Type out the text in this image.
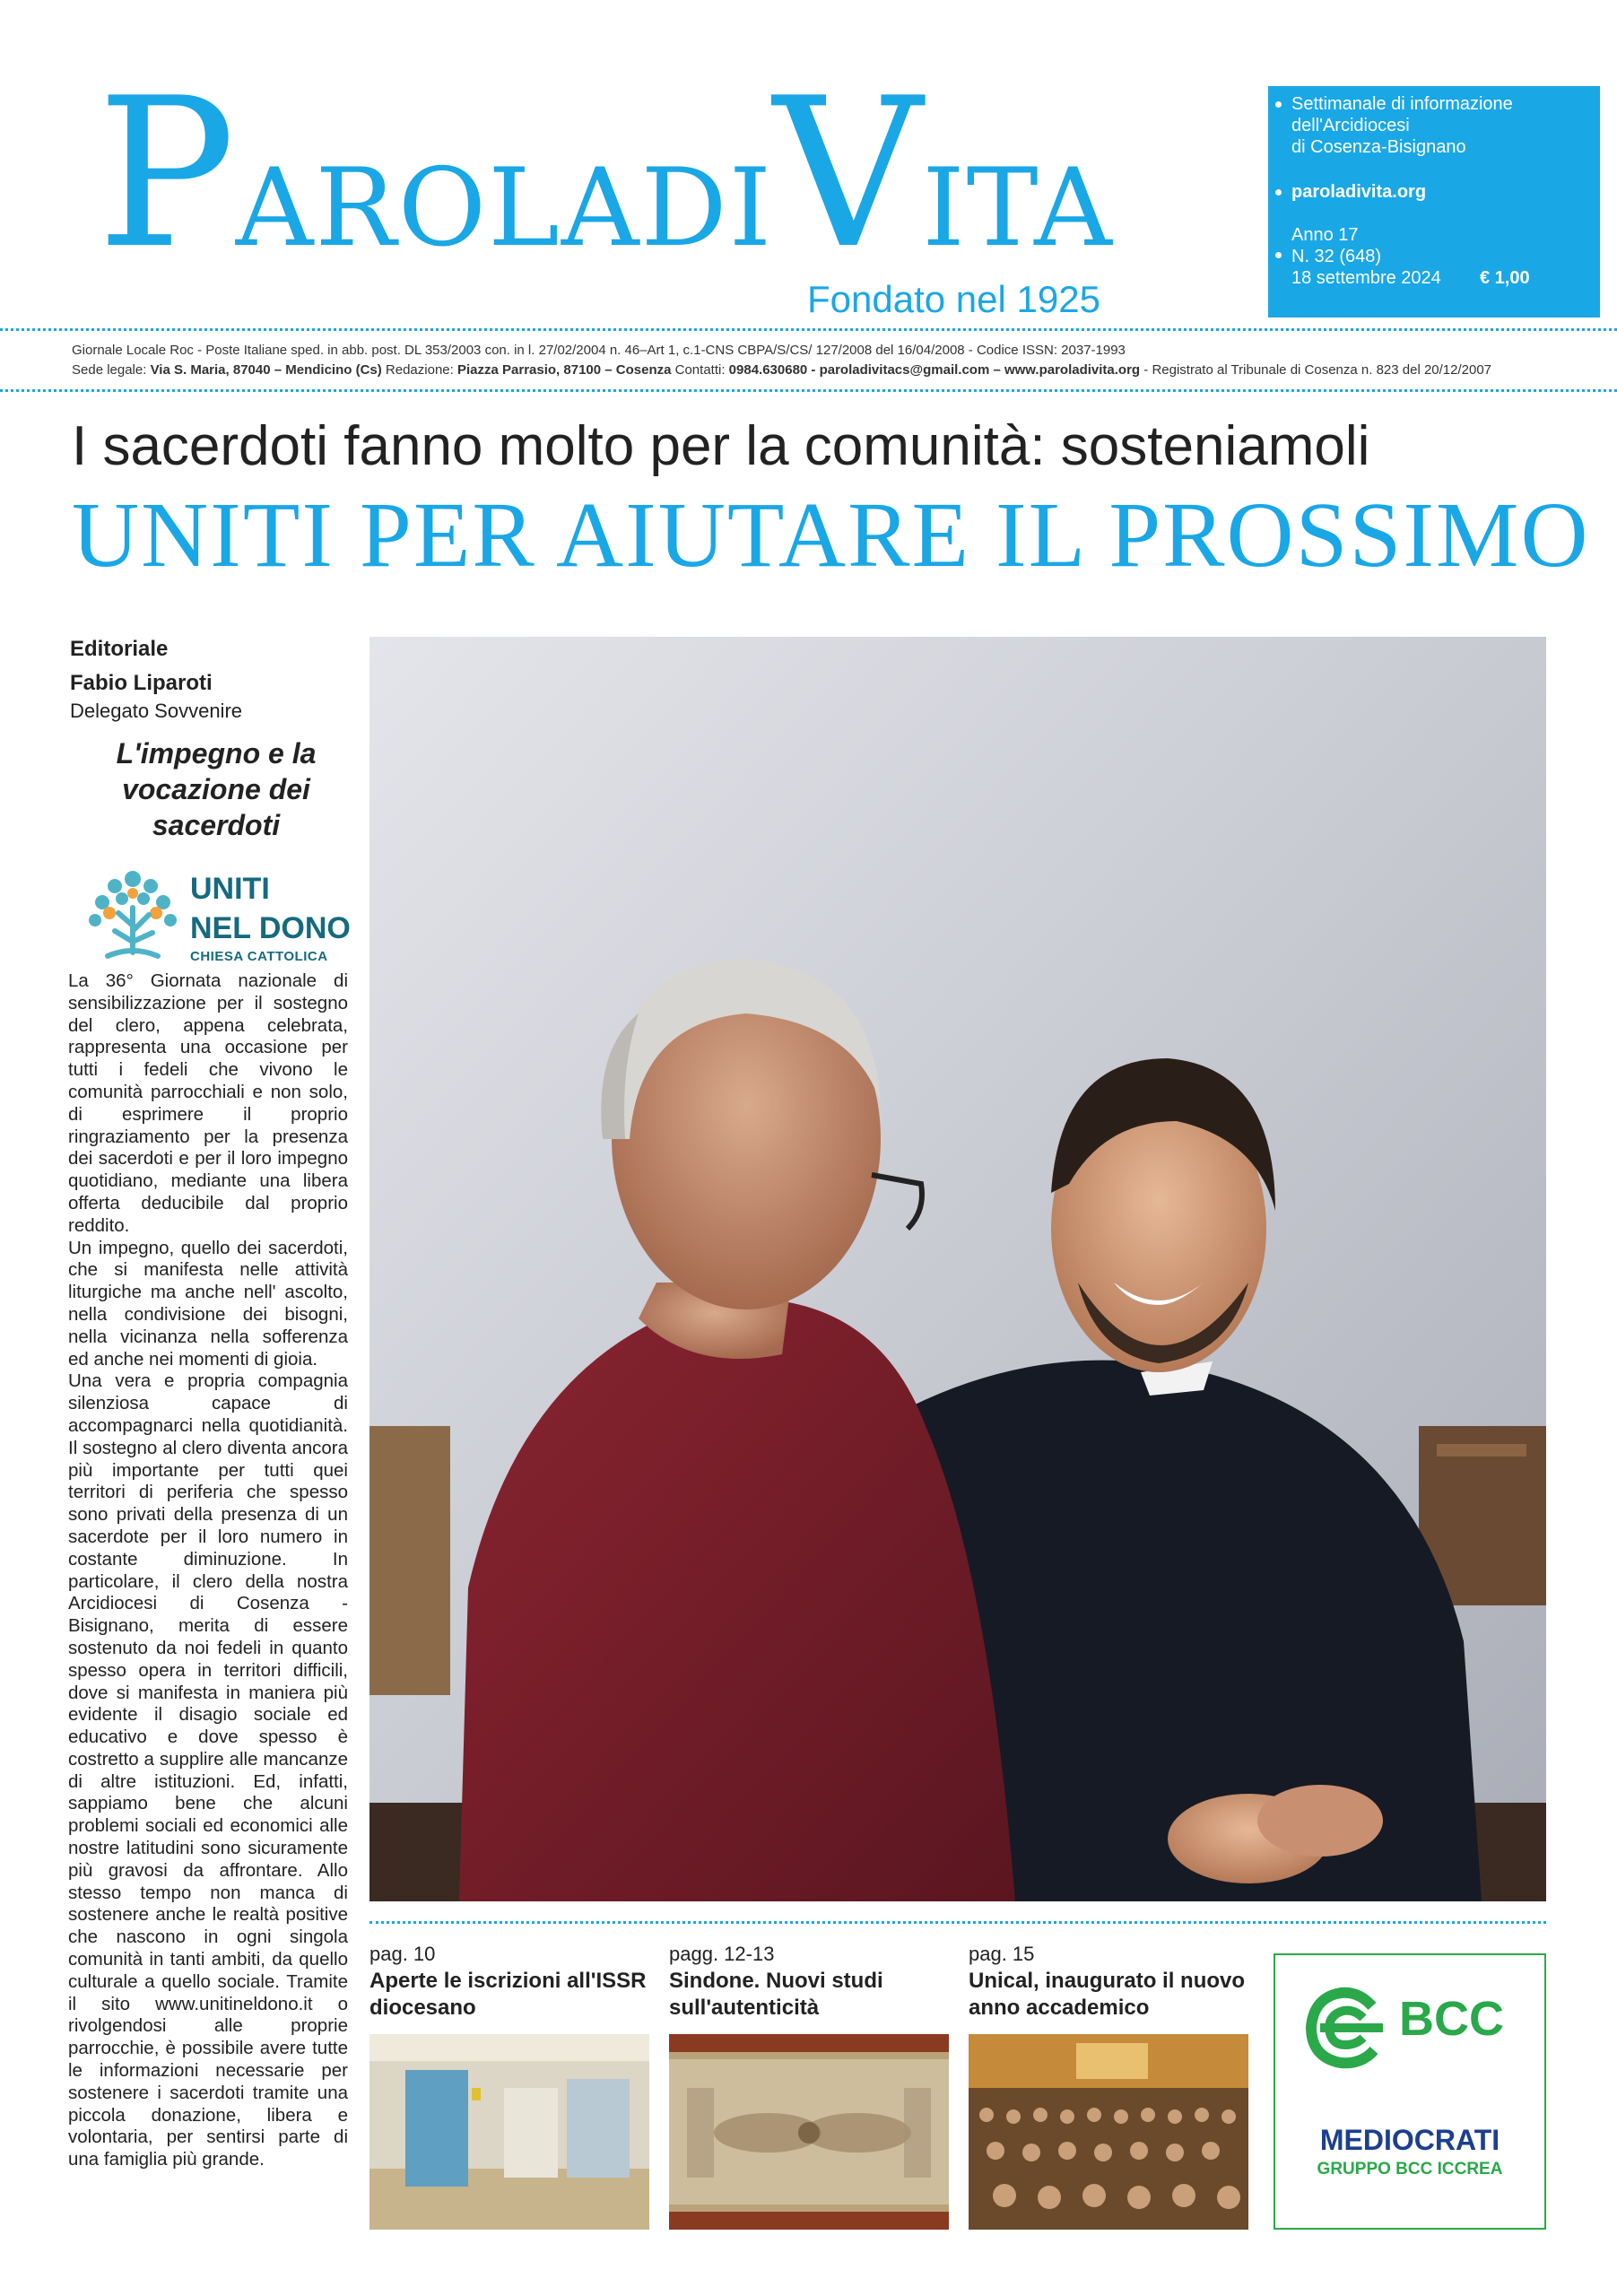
PAROLADIVITA
Fondato nel 1925
Settimanale di informazione
dell'Arcidiocesi
di Cosenza-Bisignano
paroladivita.org
Anno 17
N. 32 (648)
18 settembre 2024 € 1,00
Giornale Locale Roc - Poste Italiane sped. in abb. post. DL 353/2003 con. in l. 27/02/2004 n. 46–Art 1, c.1-CNS CBPA/S/CS/ 127/2008 del 16/04/2008 - Codice ISSN: 2037-1993
Sede legale: Via S. Maria, 87040 – Mendicino (Cs) Redazione: Piazza Parrasio, 87100 – Cosenza Contatti: 0984.630680 - paroladivitacs@gmail.com – www.paroladivita.org - Registrato al Tribunale di Cosenza n. 823 del 20/12/2007
I sacerdoti fanno molto per la comunità: sosteniamoli
UNITI PER AIUTARE IL PROSSIMO
Editoriale
Fabio Liparoti
Delegato Sovvenire
L'impegno e la vocazione dei sacerdoti
UNITI
NEL DONO
CHIESA CATTOLICA

La 36° Giornata nazionale di sensibilizzazione per il sostegno del clero, appena celebrata, rappresenta una occasione per tutti i fedeli che vivono le comunità parrocchiali e non solo, di esprimere il proprio ringraziamento per la presenza dei sacerdoti e per il loro impegno quotidiano, mediante una libera offerta deducibile dal proprio reddito.

Un impegno, quello dei sacerdoti, che si manifesta nelle attività liturgiche ma anche nell' ascolto, nella condivisione dei bisogni, nella vicinanza nella sofferenza ed anche nei momenti di gioia.

Una vera e propria compagnia silenziosa capace di accompagnarci nella quotidianità. Il sostegno al clero diventa ancora più importante per tutti quei territori di periferia che spesso sono privati della presenza di un sacerdote per il loro numero in costante diminuzione. In particolare, il clero della nostra Arcidiocesi di Cosenza - Bisignano, merita di essere sostenuto da noi fedeli in quanto spesso opera in territori difficili, dove si manifesta in maniera più evidente il disagio sociale ed educativo e dove spesso è costretto a supplire alle mancanze di altre istituzioni. Ed, infatti, sappiamo bene che alcuni problemi sociali ed economici alle nostre latitudini sono sicuramente più gravosi da affrontare. Allo stesso tempo non manca di sostenere anche le realtà positive che nascono in ogni singola comunità in tanti ambiti, da quello culturale a quello sociale. Tramite il sito www.unitineldono.it o rivolgendosi alle proprie parrocchie, è possibile avere tutte le informazioni necessarie per sostenere i sacerdoti tramite una piccola donazione, libera e volontaria, per sentirsi parte di una famiglia più grande.

pag. 10
Aperte le iscrizioni all'ISSR diocesano
pagg. 12-13
Sindone. Nuovi studi sull'autenticità
pag. 15
Unical, inaugurato il nuovo anno accademico	BCC
MEDIOCRATI
GRUPPO BCC ICCREA
